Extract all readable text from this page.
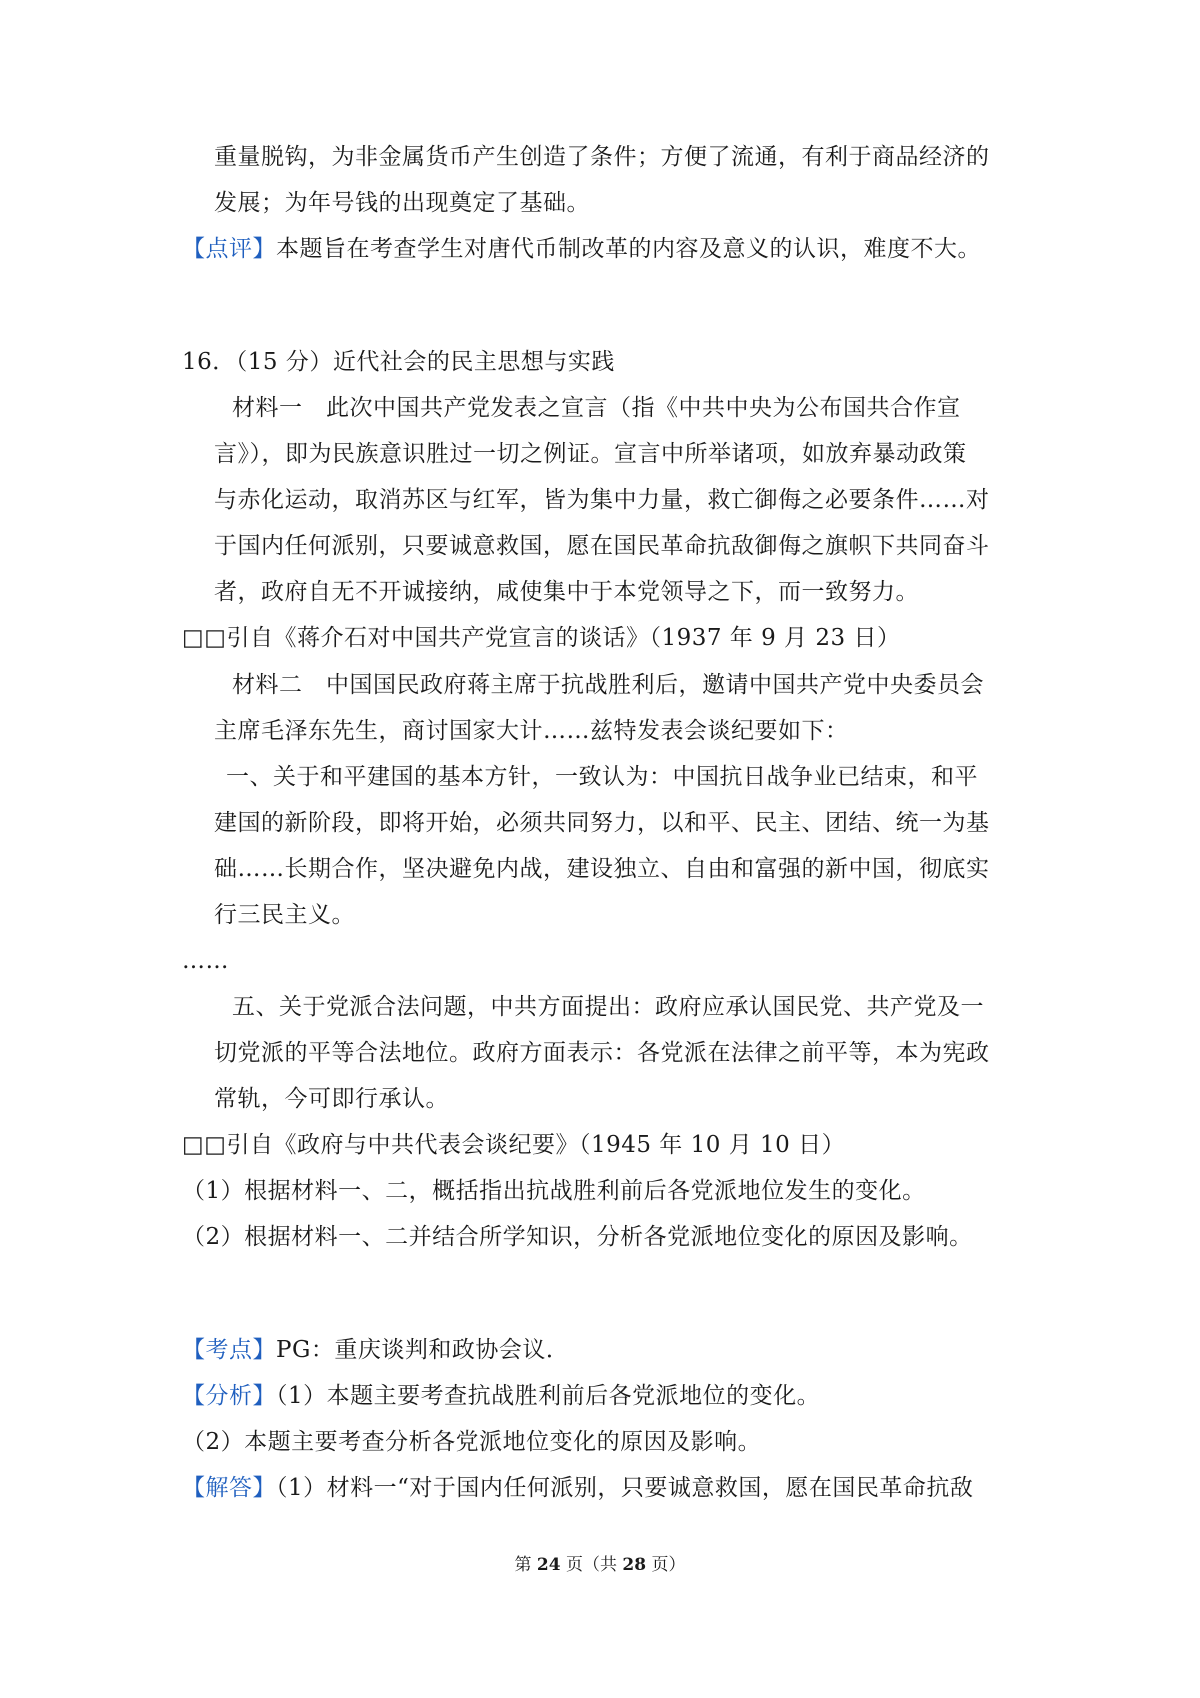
重量脱钩，为非金属货币产生创造了条件；方便了流通，有利于商品经济的
发展；为年号钱的出现奠定了基础。
【点评】本题旨在考查学生对唐代币制改革的内容及意义的认识，难度不大。
16．（15 分）近代社会的民主思想与实践
材料一　此次中国共产党发表之宣言（指《中共中央为公布国共合作宣
言》），即为民族意识胜过一切之例证。宣言中所举诸项，如放弃暴动政策
与赤化运动，取消苏区与红军，皆为集中力量，救亡御侮之必要条件……对
于国内任何派别，只要诚意救国，愿在国民革命抗敌御侮之旗帜下共同奋斗
者，政府自无不开诚接纳，咸使集中于本党领导之下，而一致努力。
□□引自《蒋介石对中国共产党宣言的谈话》（1937 年 9 月 23 日）
材料二　中国国民政府蒋主席于抗战胜利后，邀请中国共产党中央委员会
主席毛泽东先生，商讨国家大计……兹特发表会谈纪要如下：
一、关于和平建国的基本方针，一致认为：中国抗日战争业已结束，和平
建国的新阶段，即将开始，必须共同努力，以和平、民主、团结、统一为基
础……长期合作，坚决避免内战，建设独立、自由和富强的新中国，彻底实
行三民主义。
……
五、关于党派合法问题，中共方面提出：政府应承认国民党、共产党及一
切党派的平等合法地位。政府方面表示：各党派在法律之前平等，本为宪政
常轨，今可即行承认。
□□引自《政府与中共代表会谈纪要》（1945 年 10 月 10 日）
（1）根据材料一、二，概括指出抗战胜利前后各党派地位发生的变化。
（2）根据材料一、二并结合所学知识，分析各党派地位变化的原因及影响。
【考点】PG：重庆谈判和政协会议．
【分析】（1）本题主要考查抗战胜利前后各党派地位的变化。
（2）本题主要考查分析各党派地位变化的原因及影响。
【解答】（1）材料一“对于国内任何派别，只要诚意救国，愿在国民革命抗敌
第 24 页（共 28 页）
